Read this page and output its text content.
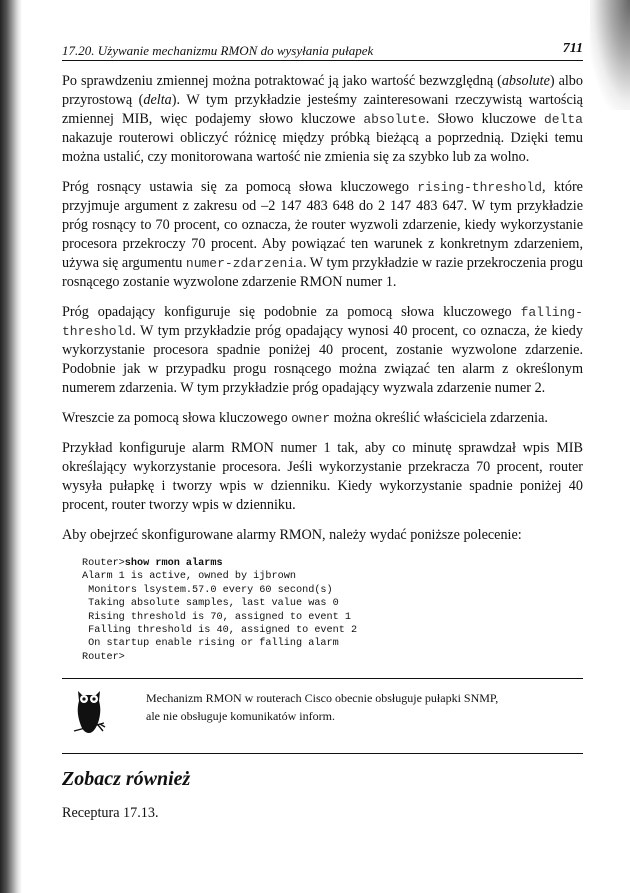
17.20. Używanie mechanizmu RMON do wysyłania pułapek	711

Po sprawdzeniu zmiennej można potraktować ją jako wartość bezwzględną (absolute) albo przyrostową (delta). W tym przykładzie jesteśmy zainteresowani rzeczywistą wartością zmiennej MIB, więc podajemy słowo kluczowe absolute. Słowo kluczowe delta nakazuje routerowi obliczyć różnicę między próbką bieżącą a poprzednią. Dzięki temu można ustalić, czy monitorowana wartość nie zmienia się za szybko lub za wolno.

Próg rosnący ustawia się za pomocą słowa kluczowego rising-threshold, które przyjmuje argument z zakresu od –2 147 483 648 do 2 147 483 647. W tym przykładzie próg rosnący to 70 procent, co oznacza, że router wyzwoli zdarzenie, kiedy wykorzystanie procesora przekroczy 70 procent. Aby powiązać ten warunek z konkretnym zdarzeniem, używa się argumentu numer-zdarzenia. W tym przykładzie w razie przekroczenia progu rosnącego zostanie wyzwolone zdarzenie RMON numer 1.

Próg opadający konfiguruje się podobnie za pomocą słowa kluczowego falling-threshold. W tym przykładzie próg opadający wynosi 40 procent, co oznacza, że kiedy wykorzystanie procesora spadnie poniżej 40 procent, zostanie wyzwolone zdarzenie. Podobnie jak w przypadku progu rosnącego można związać ten alarm z określonym numerem zdarzenia. W tym przykładzie próg opadający wyzwala zdarzenie numer 2.

Wreszcie za pomocą słowa kluczowego owner można określić właściciela zdarzenia.

Przykład konfiguruje alarm RMON numer 1 tak, aby co minutę sprawdzał wpis MIB określający wykorzystanie procesora. Jeśli wykorzystanie przekracza 70 procent, router wysyła pułapkę i tworzy wpis w dzienniku. Kiedy wykorzystanie spadnie poniżej 40 procent, router tworzy wpis w dzienniku.

Aby obejrzeć skonfigurowane alarmy RMON, należy wydać poniższe polecenie:

Router>show rmon alarms
Alarm 1 is active, owned by ijbrown
Monitors lsystem.57.0 every 60 second(s)
Taking absolute samples, last value was 0
Rising threshold is 70, assigned to event 1
Falling threshold is 40, assigned to event 2
On startup enable rising or falling alarm
Router>
Mechanizm RMON w routerach Cisco obecnie obsługuje pułapki SNMP,
ale nie obsługuje komunikatów inform.
Zobacz również
Receptura 17.13.
